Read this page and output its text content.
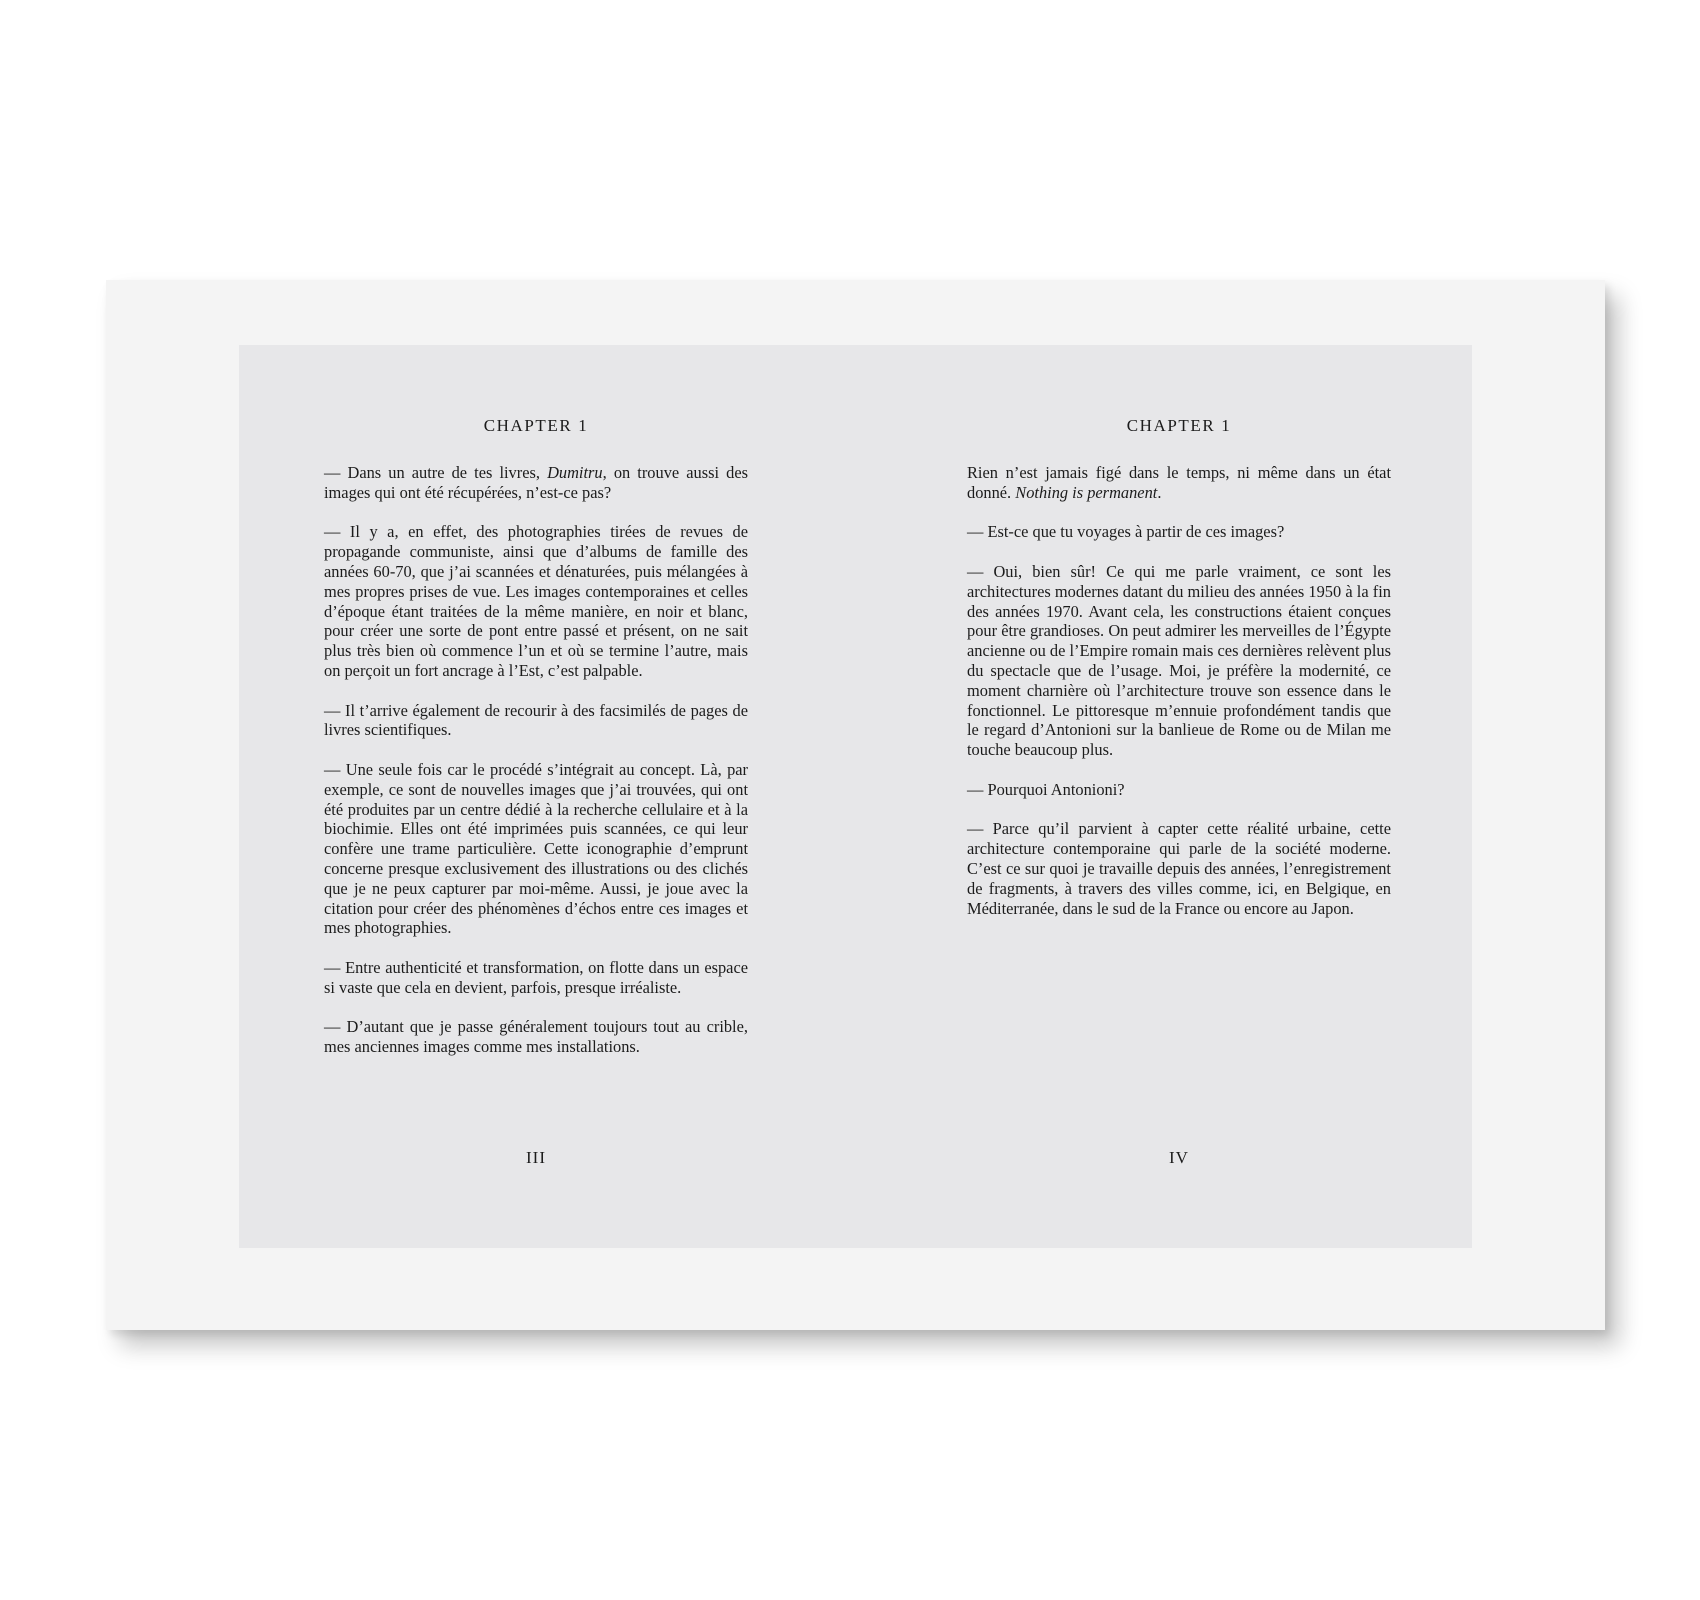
CHAPTER 1

— Dans un autre de tes livres, Dumitru, on trouve aussi des images qui ont été récupérées, n’est-ce pas?

— Il y a, en effet, des photographies tirées de revues de propagande communiste, ainsi que d’albums de famille des années 60-70, que j’ai scannées et dénaturées, puis mélangées à mes propres prises de vue. Les images contemporaines et celles d’époque étant traitées de la même manière, en noir et blanc, pour créer une sorte de pont entre passé et présent, on ne sait plus très bien où commence l’un et où se termine l’autre, mais on perçoit un fort ancrage à l’Est, c’est palpable.

— Il t’arrive également de recourir à des facsimilés de pages de livres scientifiques.

— Une seule fois car le procédé s’intégrait au concept. Là, par exemple, ce sont de nouvelles images que j’ai trouvées, qui ont été produites par un centre dédié à la recherche cellulaire et à la biochimie. Elles ont été imprimées puis scannées, ce qui leur confère une trame particulière. Cette iconographie d’emprunt concerne presque exclusivement des illustrations ou des clichés que je ne peux capturer par moi-même. Aussi, je joue avec la citation pour créer des phénomènes d’échos entre ces images et mes photographies.

— Entre authenticité et transformation, on flotte dans un espace si vaste que cela en devient, parfois, presque irréaliste.

— D’autant que je passe généralement toujours tout au crible, mes anciennes images comme mes installations.

III
CHAPTER 1

Rien n’est jamais figé dans le temps, ni même dans un état donné. Nothing is permanent.

— Est-ce que tu voyages à partir de ces images?

— Oui, bien sûr! Ce qui me parle vraiment, ce sont les architectures modernes datant du milieu des années 1950 à la fin des années 1970. Avant cela, les constructions étaient conçues pour être grandioses. On peut admirer les merveilles de l’Égypte ancienne ou de l’Empire romain mais ces dernières relèvent plus du spectacle que de l’usage. Moi, je préfère la modernité, ce moment charnière où l’architecture trouve son essence dans le fonctionnel. Le pittoresque m’ennuie profondément tandis que le regard d’Antonioni sur la banlieue de Rome ou de Milan me touche beaucoup plus.

— Pourquoi Antonioni?

— Parce qu’il parvient à capter cette réalité urbaine, cette architecture contemporaine qui parle de la société moderne. C’est ce sur quoi je travaille depuis des années, l’enregistrement de fragments, à travers des villes comme, ici, en Belgique, en Méditerranée, dans le sud de la France ou encore au Japon.

IV
